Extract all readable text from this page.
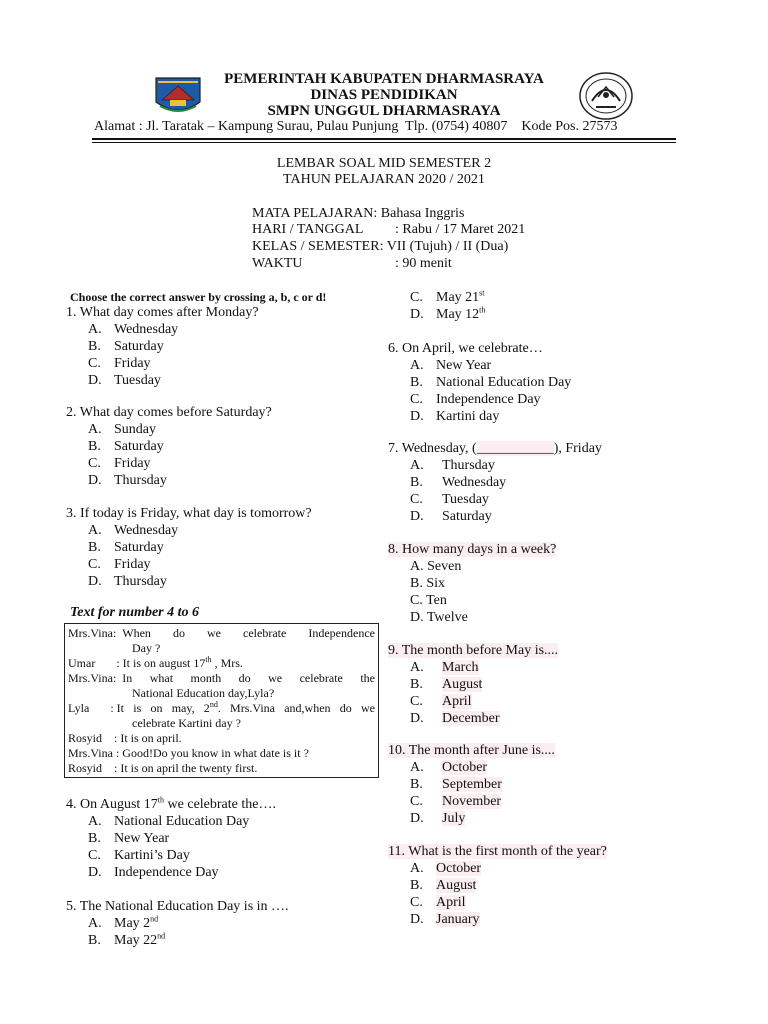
PEMERINTAH KABUPATEN DHARMASRAYA
DINAS PENDIDIKAN
SMPN UNGGUL DHARMASRAYA
Alamat : Jl. Taratak – Kampung Surau, Pulau Punjung  Tlp. (0754) 40807    Kode Pos. 27573
LEMBAR SOAL MID SEMESTER 2
TAHUN PELAJARAN 2020 / 2021
MATA PELAJARAN: Bahasa Inggris
HARI / TANGGAL : Rabu / 17 Maret 2021
KELAS / SEMESTER: VII (Tujuh) / II (Dua)
WAKTU	: 90 menit
Choose the correct answer by crossing a, b, c or d!
1. What day comes after Monday?
A. Wednesday
B. Saturday
C. Friday
D. Tuesday
2. What day comes before Saturday?
A. Sunday
B. Saturday
C. Friday
D. Thursday
3. If today is Friday, what day is tomorrow?
A. Wednesday
B. Saturday
C. Friday
D. Thursday
Text for number 4 to 6
Mrs.Vina:
When do we celebrate Independence
Day ?
Umar       : It is on august 17th , Mrs.
Mrs.Vina:
In what month do we celebrate the
National Education day,Lyla?
Lyla       : It is on may, 2nd. Mrs.Vina and,when do we
celebrate Kartini day ?
Rosyid    :
It is on april.
Mrs.Vina :
Good!Do you know in what date is it ?
Rosyid    :
It is on april the twenty first.
4. On August 17th we celebrate the….
A. National Education Day
B. New Year
C. Kartini’s Day
D. Independence Day
5. The National Education Day is in ….
A. May 2nd
B. May 22nd
C. May 21st
D. May 12th
6. On April, we celebrate…
A. New Year
B. National Education Day
C. Independence Day
D. Kartini day
7. Wednesday, (___________), Friday
A. Thursday
B. Wednesday
C. Tuesday
D. Saturday
8. How many days in a week?
A. Seven
B. Six
C. Ten
D. Twelve
9. The month before May is....
A. March
B. August
C. April
D. December
10. The month after June is....
A. October
B. September
C. November
D. July
11. What is the first month of the year?
A. October
B. August
C. April
D. January
